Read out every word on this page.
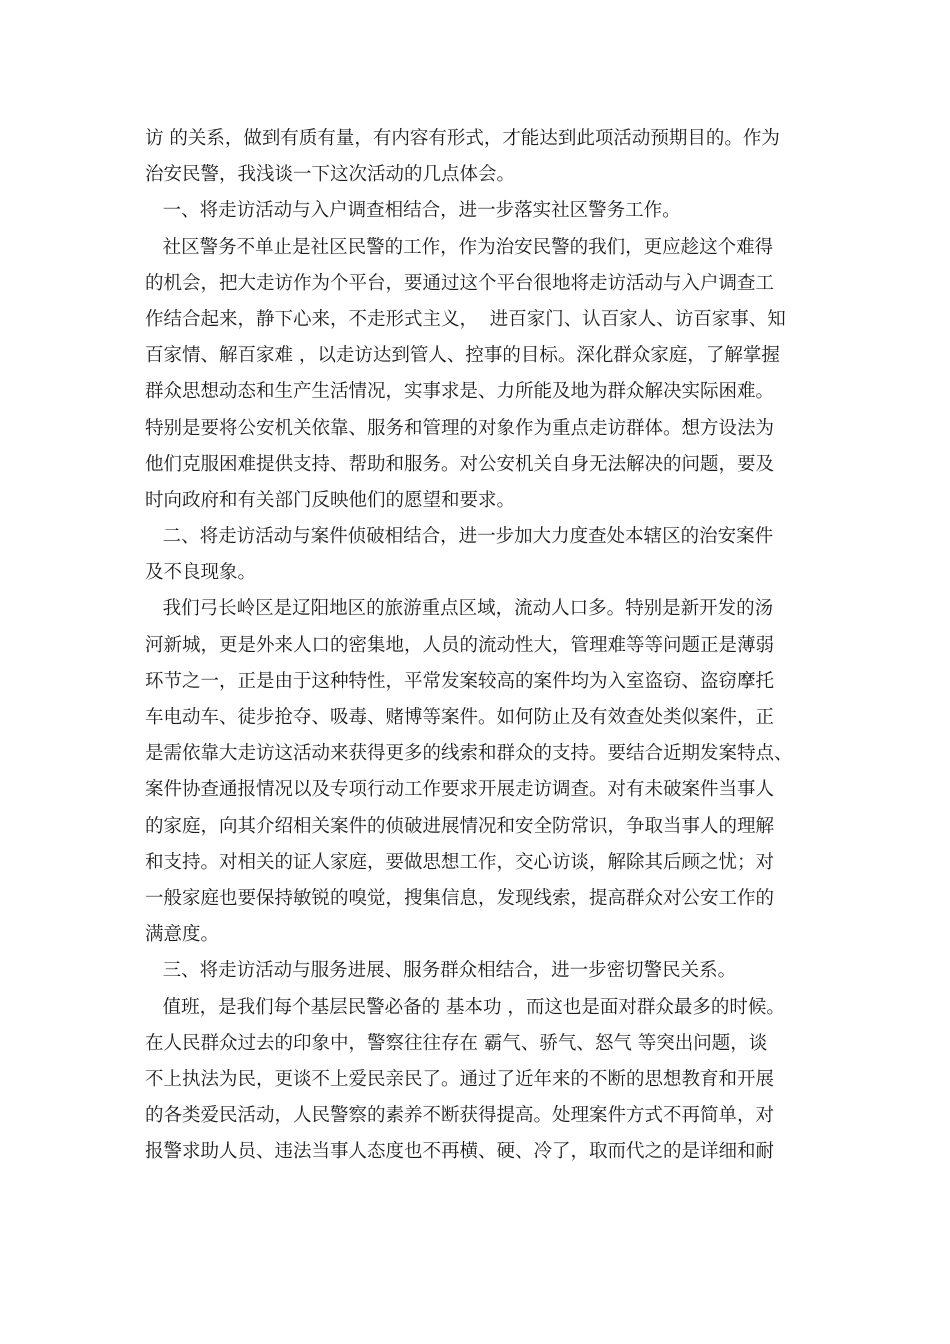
访 的关系，做到有质有量，有内容有形式，才能达到此项活动预期目的。作为
治安民警，我浅谈一下这次活动的几点体会。
一、将走访活动与入户调查相结合，进一步落实社区警务工作。
社区警务不单止是社区民警的工作，作为治安民警的我们，更应趁这个难得
的机会，把大走访作为个平台，要通过这个平台很地将走访活动与入户调查工
作结合起来，静下心来，不走形式主义，  进百家门、认百家人、访百家事、知
百家情、解百家难 ，以走访达到管人、控事的目标。深化群众家庭，了解掌握
群众思想动态和生产生活情况，实事求是、力所能及地为群众解决实际困难。
特别是要将公安机关依靠、服务和管理的对象作为重点走访群体。想方设法为
他们克服困难提供支持、帮助和服务。对公安机关自身无法解决的问题，要及
时向政府和有关部门反映他们的愿望和要求。
二、将走访活动与案件侦破相结合，进一步加大力度查处本辖区的治安案件
及不良现象。
我们弓长岭区是辽阳地区的旅游重点区域，流动人口多。特别是新开发的汤
河新城，更是外来人口的密集地，人员的流动性大，管理难等等问题正是薄弱
环节之一，正是由于这种特性，平常发案较高的案件均为入室盗窃、盗窃摩托
车电动车、徒步抢夺、吸毒、赌博等案件。如何防止及有效查处类似案件，正
是需依靠大走访这活动来获得更多的线索和群众的支持。要结合近期发案特点、
案件协查通报情况以及专项行动工作要求开展走访调查。对有未破案件当事人
的家庭，向其介绍相关案件的侦破进展情况和安全防常识，争取当事人的理解
和支持。对相关的证人家庭，要做思想工作，交心访谈，解除其后顾之忧；对
一般家庭也要保持敏锐的嗅觉，搜集信息，发现线索，提高群众对公安工作的
满意度。
三、将走访活动与服务进展、服务群众相结合，进一步密切警民关系。
值班，是我们每个基层民警必备的 基本功 ，而这也是面对群众最多的时候。
在人民群众过去的印象中，警察往往存在 霸气、骄气、怒气 等突出问题，谈
不上执法为民，更谈不上爱民亲民了。通过了近年来的不断的思想教育和开展
的各类爱民活动，人民警察的素养不断获得提高。处理案件方式不再简单，对
报警求助人员、违法当事人态度也不再横、硬、冷了，取而代之的是详细和耐
